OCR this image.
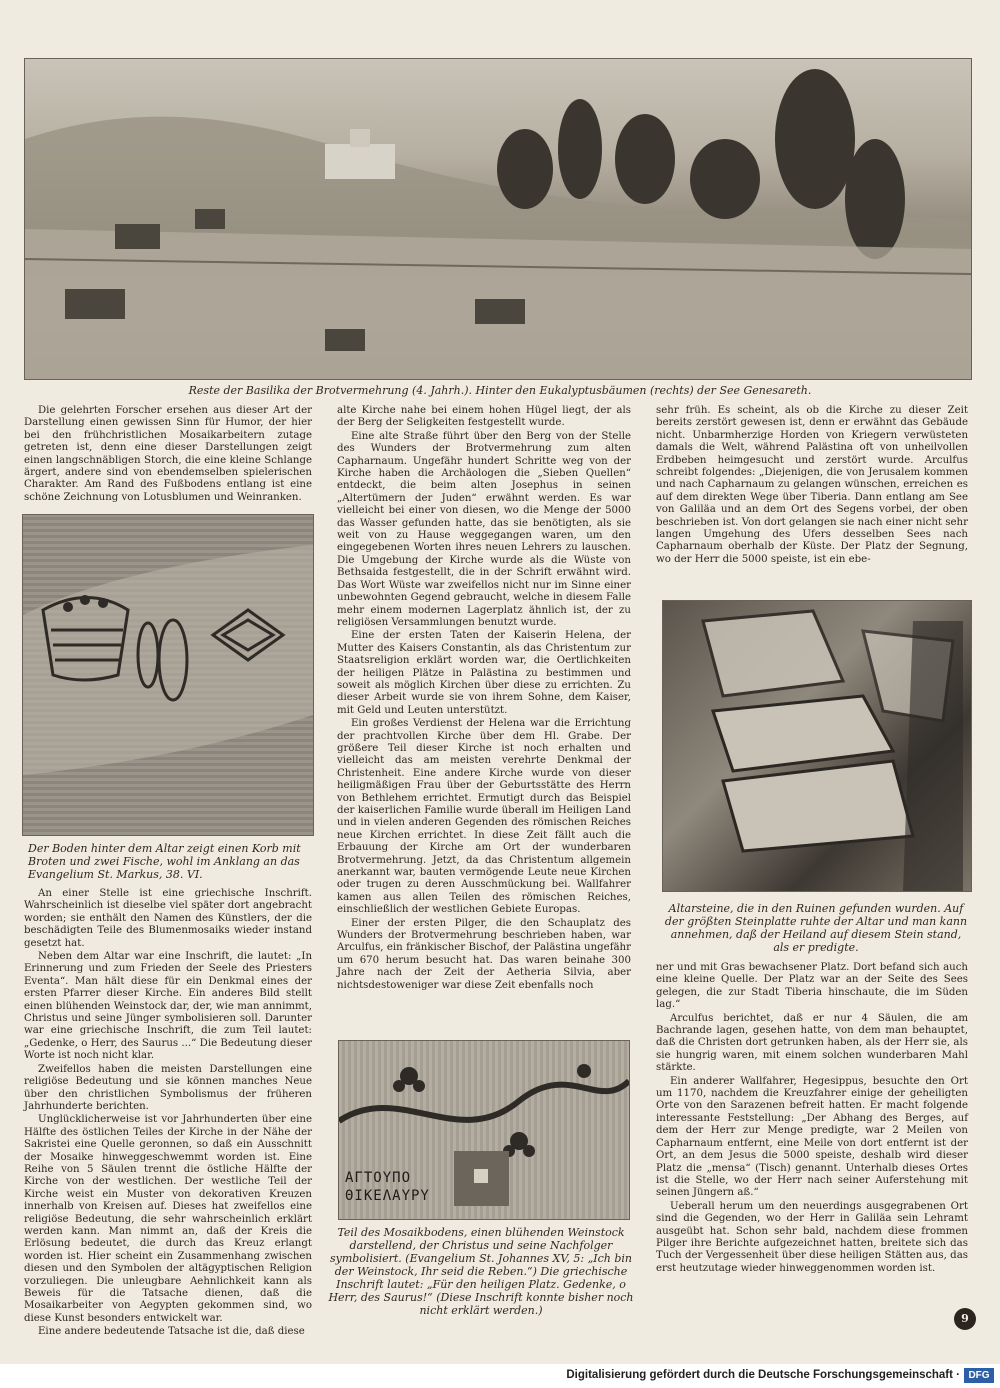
Reste der Basilika der Brotvermehrung (4. Jahrh.). Hinter den Eukalyptusbäumen (rechts) der See Genesareth.

Die gelehrten Forscher ersehen aus dieser Art der Darstellung einen gewissen Sinn für Humor, der hier bei den frühchristlichen Mosaikarbeitern zutage getreten ist, denn eine dieser Darstellungen zeigt einen langschnäbligen Storch, die eine kleine Schlange ärgert, andere sind von ebendemselben spielerischen Charakter. Am Rand des Fußbodens entlang ist eine schöne Zeichnung von Lotusblumen und Weinranken.

Der Boden hinter dem Altar zeigt einen Korb mit Broten und zwei Fische, wohl im Anklang an das Evangelium St. Markus, 38. VI.

An einer Stelle ist eine griechische Inschrift. Wahrscheinlich ist dieselbe viel später dort angebracht worden; sie enthält den Namen des Künstlers, der die beschädigten Teile des Blumenmosaiks wieder instand gesetzt hat.

Neben dem Altar war eine Inschrift, die lautet: „In Erinnerung und zum Frieden der Seele des Priesters Eventa“. Man hält diese für ein Denkmal eines der ersten Pfarrer dieser Kirche. Ein anderes Bild stellt einen blühenden Weinstock dar, der, wie man annimmt, Christus und seine Jünger symbolisieren soll. Darunter war eine griechische Inschrift, die zum Teil lautet: „Gedenke, o Herr, des Saurus ...“ Die Bedeutung dieser Worte ist noch nicht klar.

Zweifellos haben die meisten Darstellungen eine religiöse Bedeutung und sie können manches Neue über den christlichen Symbolismus der früheren Jahrhunderte berichten.

Unglücklicherweise ist vor Jahrhunderten über eine Hälfte des östlichen Teiles der Kirche in der Nähe der Sakristei eine Quelle geronnen, so daß ein Ausschnitt der Mosaike hinweggeschwemmt worden ist. Eine Reihe von 5 Säulen trennt die östliche Hälfte der Kirche von der westlichen. Der westliche Teil der Kirche weist ein Muster von dekorativen Kreuzen innerhalb von Kreisen auf. Dieses hat zweifellos eine religiöse Bedeutung, die sehr wahrscheinlich erklärt werden kann. Man nimmt an, daß der Kreis die Erlösung bedeutet, die durch das Kreuz erlangt worden ist. Hier scheint ein Zusammenhang zwischen diesen und den Symbolen der altägyptischen Religion vorzuliegen. Die unleugbare Aehnlichkeit kann als Beweis für die Tatsache dienen, daß die Mosaikarbeiter von Aegypten gekommen sind, wo diese Kunst besonders entwickelt war.

Eine andere bedeutende Tatsache ist die, daß diese

alte Kirche nahe bei einem hohen Hügel liegt, der als der Berg der Seligkeiten festgestellt wurde.

Eine alte Straße führt über den Berg von der Stelle des Wunders der Brotvermehrung zum alten Capharnaum. Ungefähr hundert Schritte weg von der Kirche haben die Archäologen die „Sieben Quellen“ entdeckt, die beim alten Josephus in seinen „Altertümern der Juden“ erwähnt werden. Es war vielleicht bei einer von diesen, wo die Menge der 5000 das Wasser gefunden hatte, das sie benötigten, als sie weit von zu Hause weggegangen waren, um den eingegebenen Worten ihres neuen Lehrers zu lauschen. Die Umgebung der Kirche wurde als die Wüste von Bethsaida festgestellt, die in der Schrift erwähnt wird. Das Wort Wüste war zweifellos nicht nur im Sinne einer unbewohnten Gegend gebraucht, welche in diesem Falle mehr einem modernen Lagerplatz ähnlich ist, der zu religiösen Versammlungen benutzt wurde.

Eine der ersten Taten der Kaiserin Helena, der Mutter des Kaisers Constantin, als das Christentum zur Staatsreligion erklärt worden war, die Oertlichkeiten der heiligen Plätze in Palästina zu bestimmen und soweit als möglich Kirchen über diese zu errichten. Zu dieser Arbeit wurde sie von ihrem Sohne, dem Kaiser, mit Geld und Leuten unterstützt.

Ein großes Verdienst der Helena war die Errichtung der prachtvollen Kirche über dem Hl. Grabe. Der größere Teil dieser Kirche ist noch erhalten und vielleicht das am meisten verehrte Denkmal der Christenheit. Eine andere Kirche wurde von dieser heiligmäßigen Frau über der Geburtsstätte des Herrn von Bethlehem errichtet. Ermutigt durch das Beispiel der kaiserlichen Familie wurde überall im Heiligen Land und in vielen anderen Gegenden des römischen Reiches neue Kirchen errichtet. In diese Zeit fällt auch die Erbauung der Kirche am Ort der wunderbaren Brotvermehrung. Jetzt, da das Christentum allgemein anerkannt war, bauten vermögende Leute neue Kirchen oder trugen zu deren Ausschmückung bei. Wallfahrer kamen aus allen Teilen des römischen Reiches, einschließlich der westlichen Gebiete Europas.

Einer der ersten Pilger, die den Schauplatz des Wunders der Brotvermehrung beschrieben haben, war Arculfus, ein fränkischer Bischof, der Palästina ungefähr um 670 herum besucht hat. Das waren beinahe 300 Jahre nach der Zeit der Aetheria Silvia, aber nichtsdestoweniger war diese Zeit ebenfalls noch

ΑΓΤΟΥΠΟ
ΘΙΚΕΛΑΥΡΥ
Teil des Mosaikbodens, einen blühenden Weinstock darstellend, der Christus und seine Nachfolger symbolisiert. (Evangelium St. Johannes XV, 5: „Ich bin der Weinstock, Ihr seid die Reben.“) Die griechische Inschrift lautet: „Für den heiligen Platz. Gedenke, o Herr, des Saurus!“ (Diese Inschrift konnte bisher noch nicht erklärt werden.)

sehr früh. Es scheint, als ob die Kirche zu dieser Zeit bereits zerstört gewesen ist, denn er erwähnt das Gebäude nicht. Unbarmherzige Horden von Kriegern verwüsteten damals die Welt, während Palästina oft von unheilvollen Erdbeben heimgesucht und zerstört wurde. Arculfus schreibt folgendes: „Diejenigen, die von Jerusalem kommen und nach Capharnaum zu gelangen wünschen, erreichen es auf dem direkten Wege über Tiberia. Dann entlang am See von Galiläa und an dem Ort des Segens vorbei, der oben beschrieben ist. Von dort gelangen sie nach einer nicht sehr langen Umgehung des Ufers desselben Sees nach Capharnaum oberhalb der Küste. Der Platz der Segnung, wo der Herr die 5000 speiste, ist ein ebe-

Altarsteine, die in den Ruinen gefunden wurden. Auf der größten Steinplatte ruhte der Altar und man kann annehmen, daß der Heiland auf diesem Stein stand, als er predigte.

ner und mit Gras bewachsener Platz. Dort befand sich auch eine kleine Quelle. Der Platz war an der Seite des Sees gelegen, die zur Stadt Tiberia hinschaute, die im Süden lag.“

Arculfus berichtet, daß er nur 4 Säulen, die am Bachrande lagen, gesehen hatte, von dem man behauptet, daß die Christen dort getrunken haben, als der Herr sie, als sie hungrig waren, mit einem solchen wunderbaren Mahl stärkte.

Ein anderer Wallfahrer, Hegesippus, besuchte den Ort um 1170, nachdem die Kreuzfahrer einige der geheiligten Orte von den Sarazenen befreit hatten. Er macht folgende interessante Feststellung: „Der Abhang des Berges, auf dem der Herr zur Menge predigte, war 2 Meilen von Capharnaum entfernt, eine Meile von dort entfernt ist der Ort, an dem Jesus die 5000 speiste, deshalb wird dieser Platz die „mensa“ (Tisch) genannt. Unterhalb dieses Ortes ist die Stelle, wo der Herr nach seiner Auferstehung mit seinen Jüngern aß.“

Ueberall herum um den neuerdings ausgegrabenen Ort sind die Gegenden, wo der Herr in Galiläa sein Lehramt ausgeübt hat. Schon sehr bald, nachdem diese frommen Pilger ihre Berichte aufgezeichnet hatten, breitete sich das Tuch der Vergessenheit über diese heiligen Stätten aus, das erst heutzutage wieder hinweggenommen worden ist.

9
Digitalisierung gefördert durch die Deutsche Forschungsgemeinschaft · DFG
